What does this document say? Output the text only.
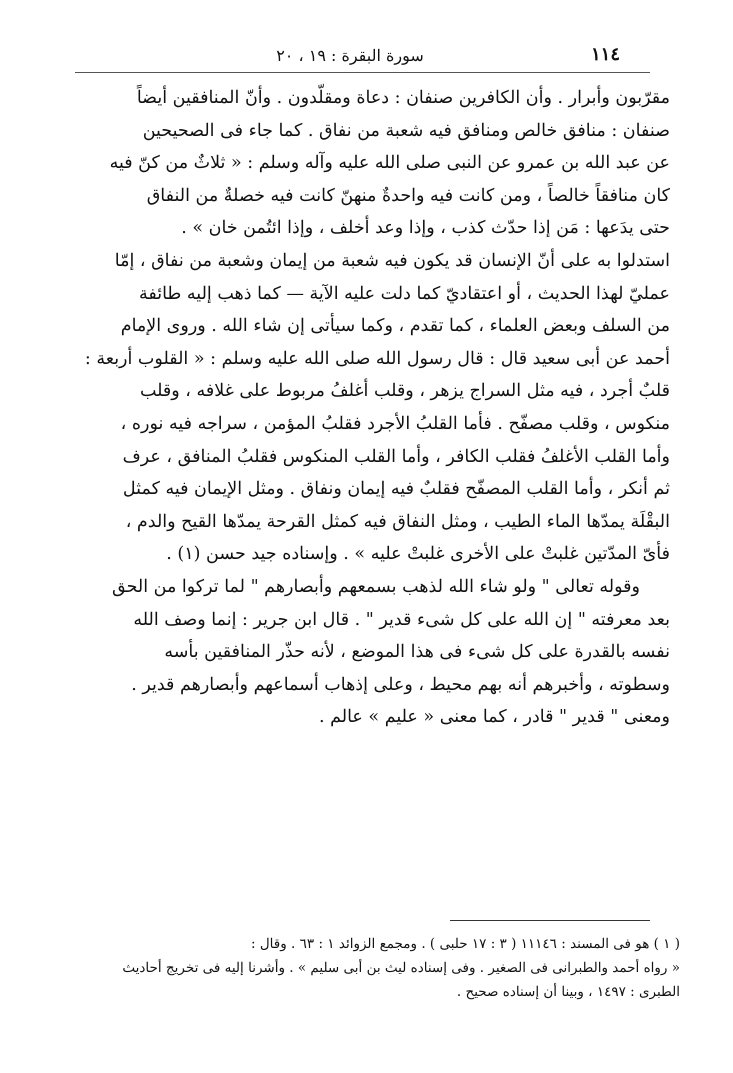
١١٤
سورة البقرة : ١٩ ، ٢٠
مقرّبون وأبرار . وأن الكافرين صنفان : دعاة ومقلّدون . وأنّ المنافقين أيضاً
صنفان : منافق خالص ومنافق فيه شعبة من نفاق . كما جاء فى الصحيحين
عن عبد الله بن عمرو عن النبى صلى الله عليه وآله وسلم : « ثلاثٌ من كنّ فيه
كان منافقاً خالصاً ، ومن كانت فيه واحدةٌ منهنّ كانت فيه خصلةٌ من النفاق
حتى يدَعها : مَن إذا حدّث كذب ، وإذا وعد أخلف ، وإذا ائتُمن خان » .
استدلوا به على أنّ الإنسان قد يكون فيه شعبة من إيمان وشعبة من نفاق ، إمّا
عمليّ لهذا الحديث ، أو اعتقاديّ كما دلت عليه الآية — كما ذهب إليه طائفة
من السلف وبعض العلماء ، كما تقدم ، وكما سيأتى إن شاء الله . وروى الإمام
أحمد عن أبى سعيد قال : قال رسول الله صلى الله عليه وسلم : « القلوب أربعة :
قلبٌ أجرد ، فيه مثل السراج يزهر ، وقلب أغلفُ مربوط على غلافه ، وقلب
منكوس ، وقلب مصفّح . فأما القلبُ الأجرد فقلبُ المؤمن ، سراجه فيه نوره ،
وأما القلب الأغلفُ فقلب الكافر ، وأما القلب المنكوس فقلبُ المنافق ، عرف
ثم أنكر ، وأما القلب المصفّح فقلبٌ فيه إيمان ونفاق . ومثل الإيمان فيه كمثل
البقْلَة يمدّها الماء الطيب ، ومثل النفاق فيه كمثل القرحة يمدّها القيح والدم ،
فأىّ المدّتين غلبتْ على الأخرى غلبتْ عليه » . وإسناده جيد حسن (١) .
وقوله تعالى " ولو شاء الله لذهب بسمعهم وأبصارهم " لما تركوا من الحق
بعد معرفته " إن الله على كل شىء قدير " . قال ابن جرير : إنما وصف الله
نفسه بالقدرة على كل شىء فى هذا الموضع ، لأنه حذّر المنافقين بأسه
وسطوته ، وأخبرهم أنه بهم محيط ، وعلى إذهاب أسماعهم وأبصارهم قدير .
ومعنى " قدير " قادر ، كما معنى « عليم » عالم .
( ١ ) هو فى المسند : ١١١٤٦ ( ٣ : ١٧ حلبى ) . ومجمع الزوائد ١ : ٦٣ . وقال :
« رواه أحمد والطبرانى فى الصغير . وفى إسناده ليث بن أبى سليم » . وأشرنا إليه فى تخريج أحاديث
الطبرى : ١٤٩٧ ، وبينا أن إسناده صحيح .
